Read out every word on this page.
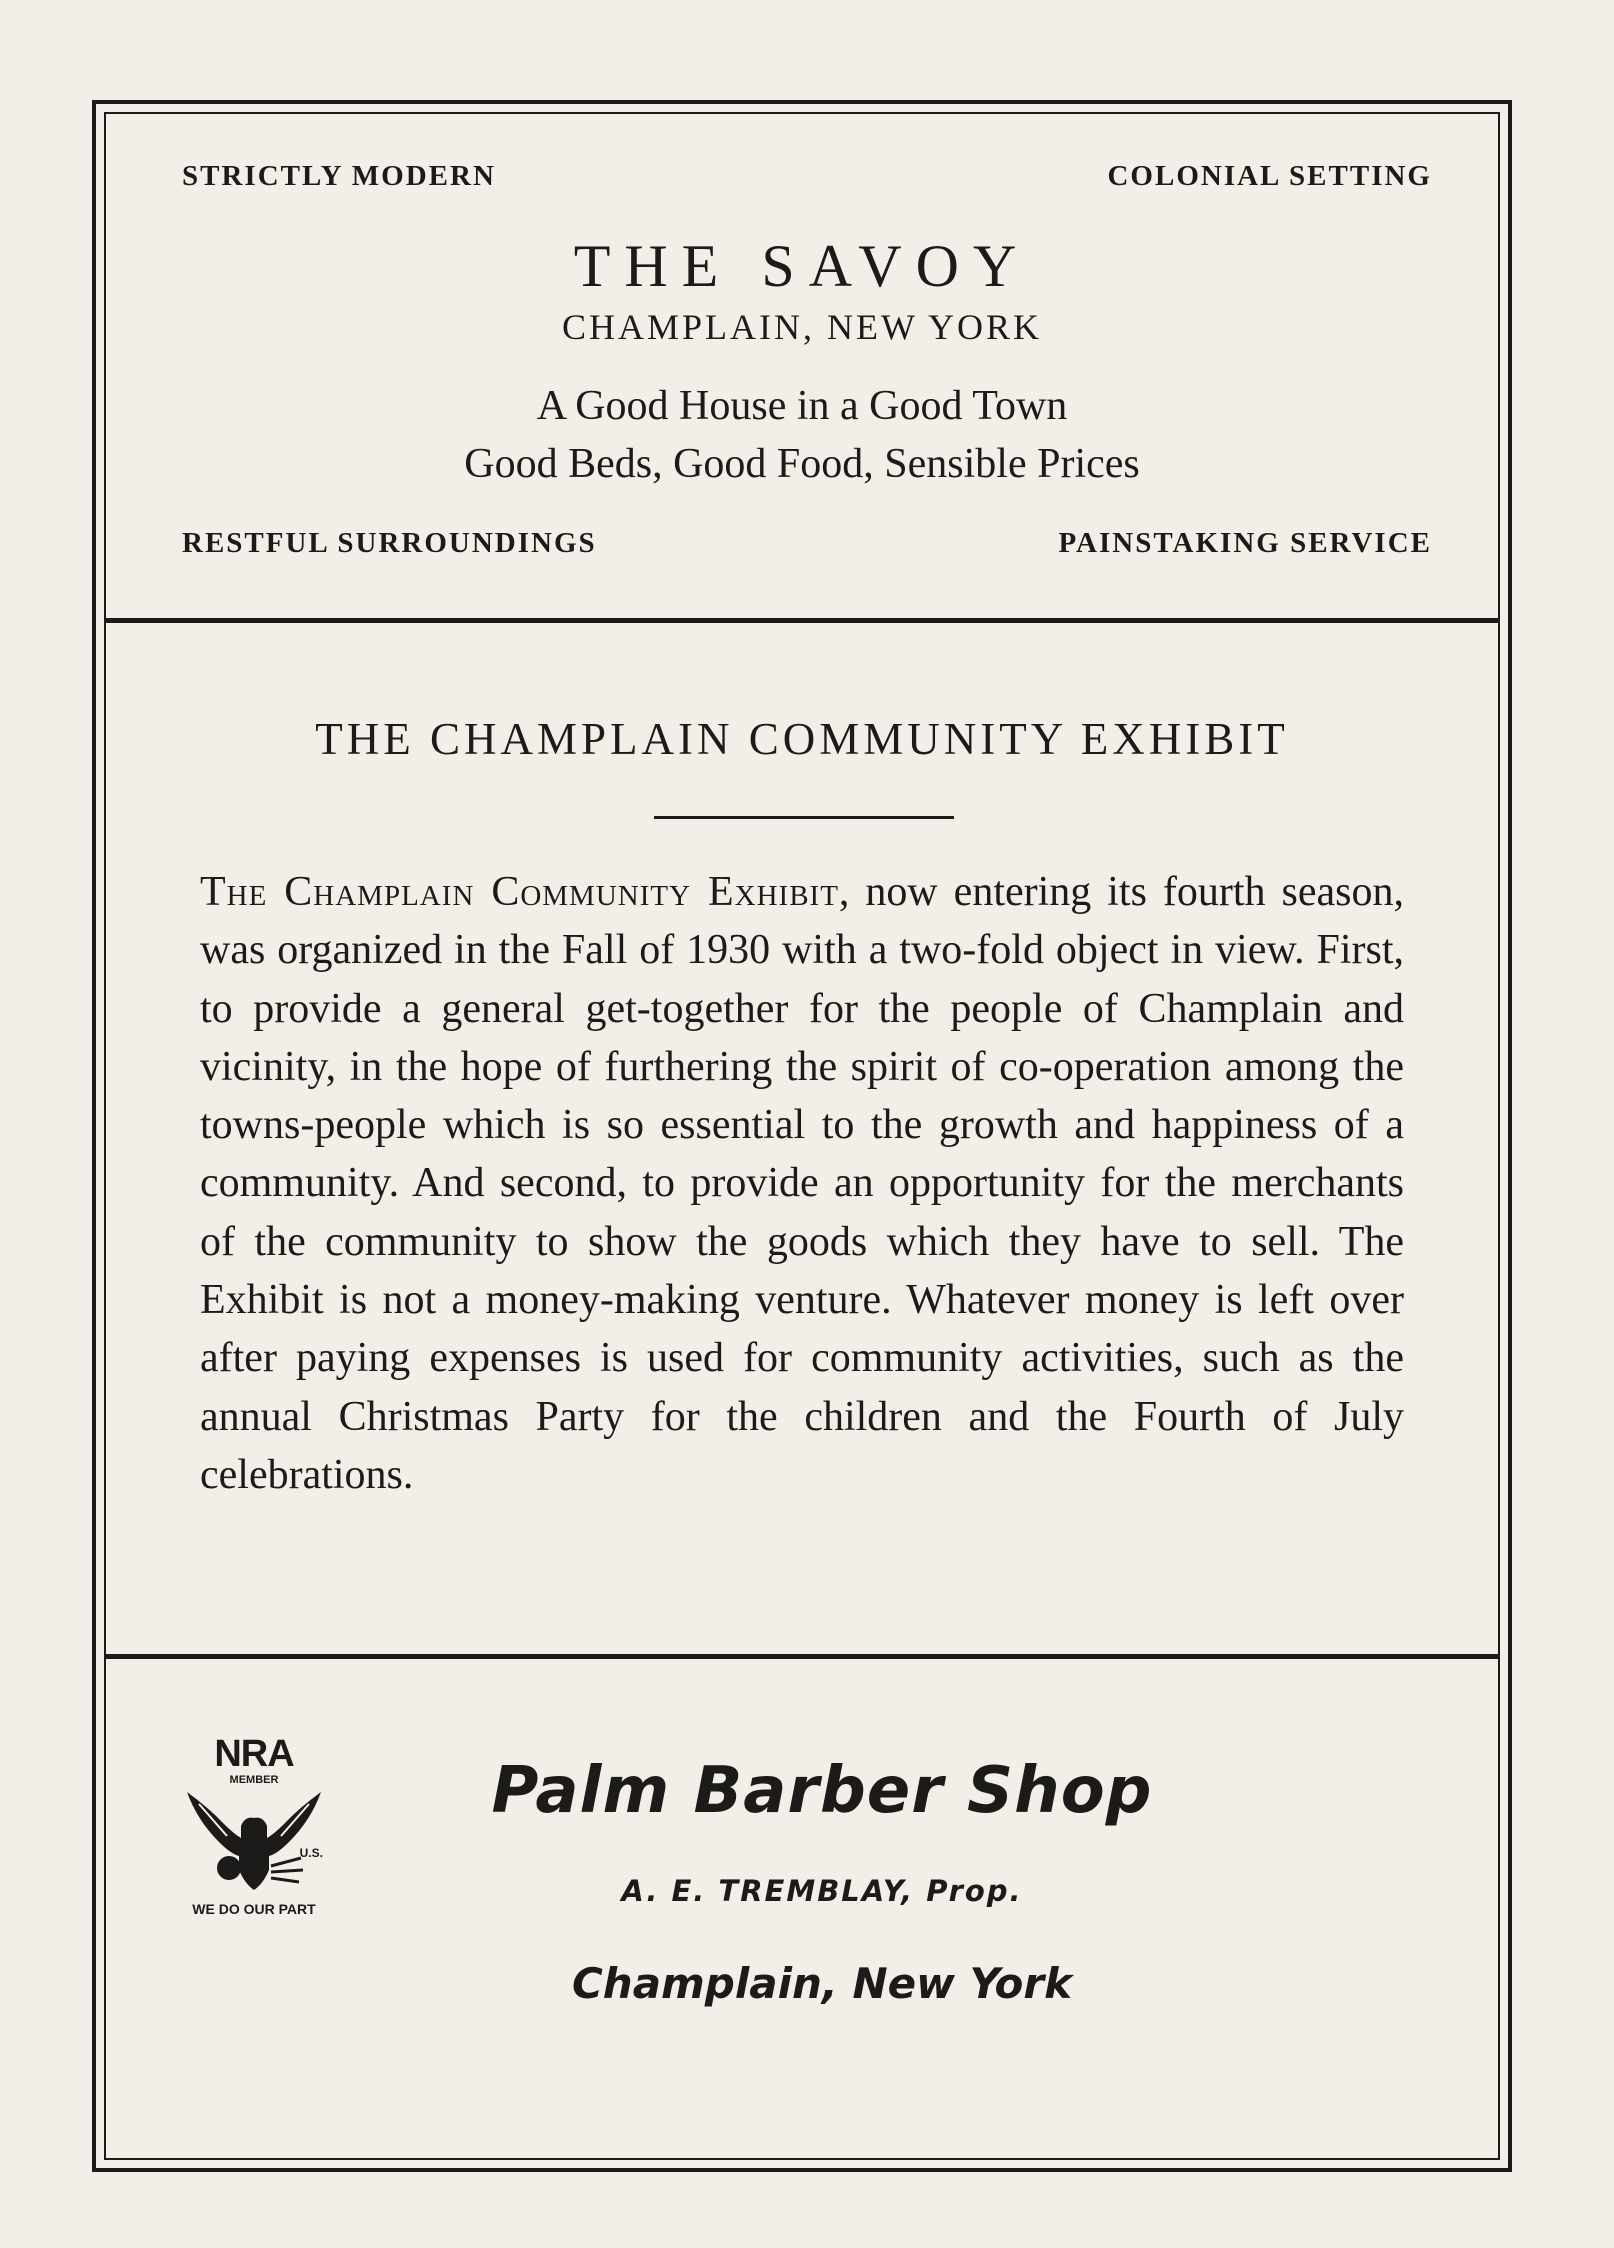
STRICTLY MODERN	COLONIAL SETTING
THE SAVOY
CHAMPLAIN, NEW YORK
A Good House in a Good Town
Good Beds, Good Food, Sensible Prices
RESTFUL SURROUNDINGS	PAINSTAKING SERVICE
THE CHAMPLAIN COMMUNITY EXHIBIT
The Champlain Community Exhibit, now entering its fourth season, was organized in the Fall of 1930 with a two-fold object in view. First, to provide a general get-together for the people of Champlain and vicinity, in the hope of furthering the spirit of co-operation among the towns-people which is so essential to the growth and happiness of a community. And second, to provide an opportunity for the merchants of the community to show the goods which they have to sell. The Exhibit is not a money-making venture. Whatever money is left over after paying expenses is used for community activities, such as the annual Christmas Party for the children and the Fourth of July celebrations.
NRA
MEMBER
U.S.
WE DO OUR PART
Palm Barber Shop
A. E. TREMBLAY, Prop.
Champlain, New York
